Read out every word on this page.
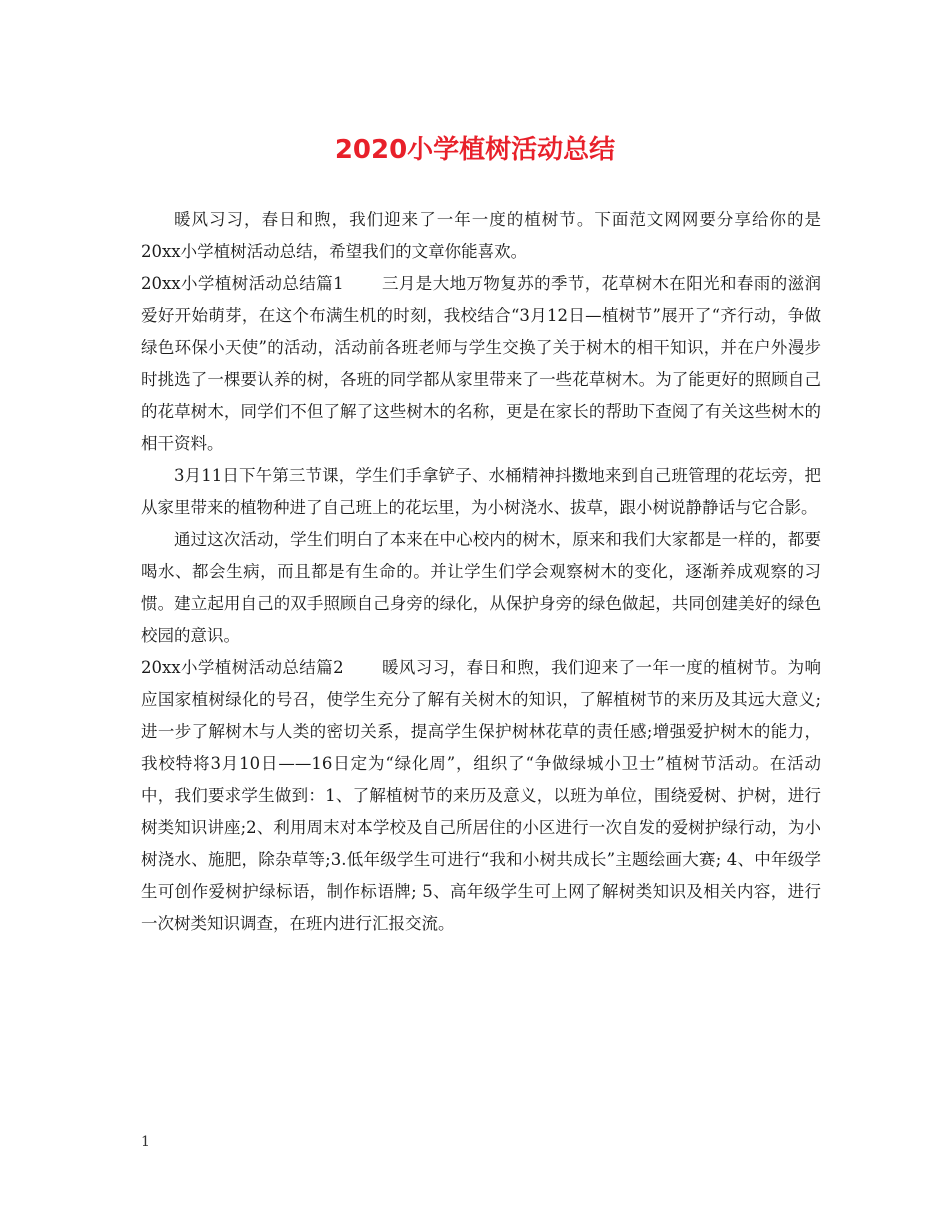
2020小学植树活动总结

暖风习习，春日和煦，我们迎来了一年一度的植树节。下面范文网网要分享给你的是20xx小学植树活动总结，希望我们的文章你能喜欢。

20xx小学植树活动总结篇1 三月是大地万物复苏的季节，花草树木在阳光和春雨的滋润爱好开始萌芽，在这个布满生机的时刻，我校结合“3月12日—植树节”展开了“齐行动，争做绿色环保小天使”的活动，活动前各班老师与学生交换了关于树木的相干知识，并在户外漫步时挑选了一棵要认养的树，各班的同学都从家里带来了一些花草树木。为了能更好的照顾自己的花草树木，同学们不但了解了这些树木的名称，更是在家长的帮助下查阅了有关这些树木的相干资料。

3月11日下午第三节课，学生们手拿铲子、水桶精神抖擞地来到自己班管理的花坛旁，把从家里带来的植物种进了自己班上的花坛里，为小树浇水、拔草，跟小树说静静话与它合影。

通过这次活动，学生们明白了本来在中心校内的树木，原来和我们大家都是一样的，都要喝水、都会生病，而且都是有生命的。并让学生们学会观察树木的变化，逐渐养成观察的习惯。建立起用自己的双手照顾自己身旁的绿化，从保护身旁的绿色做起，共同创建美好的绿色校园的意识。

20xx小学植树活动总结篇2 暖风习习，春日和煦，我们迎来了一年一度的植树节。为响应国家植树绿化的号召，使学生充分了解有关树木的知识，了解植树节的来历及其远大意义;进一步了解树木与人类的密切关系，提高学生保护树林花草的责任感;增强爱护树木的能力，我校特将3月10日——16日定为“绿化周”，组织了“争做绿城小卫士”植树节活动。在活动中，我们要求学生做到：1、了解植树节的来历及意义，以班为单位，围绕爱树、护树，进行树类知识讲座;2、利用周末对本学校及自己所居住的小区进行一次自发的爱树护绿行动，为小树浇水、施肥，除杂草等;3.低年级学生可进行“我和小树共成长”主题绘画大赛; 4、中年级学生可创作爱树护绿标语，制作标语牌; 5、高年级学生可上网了解树类知识及相关内容，进行一次树类知识调查，在班内进行汇报交流。

1
